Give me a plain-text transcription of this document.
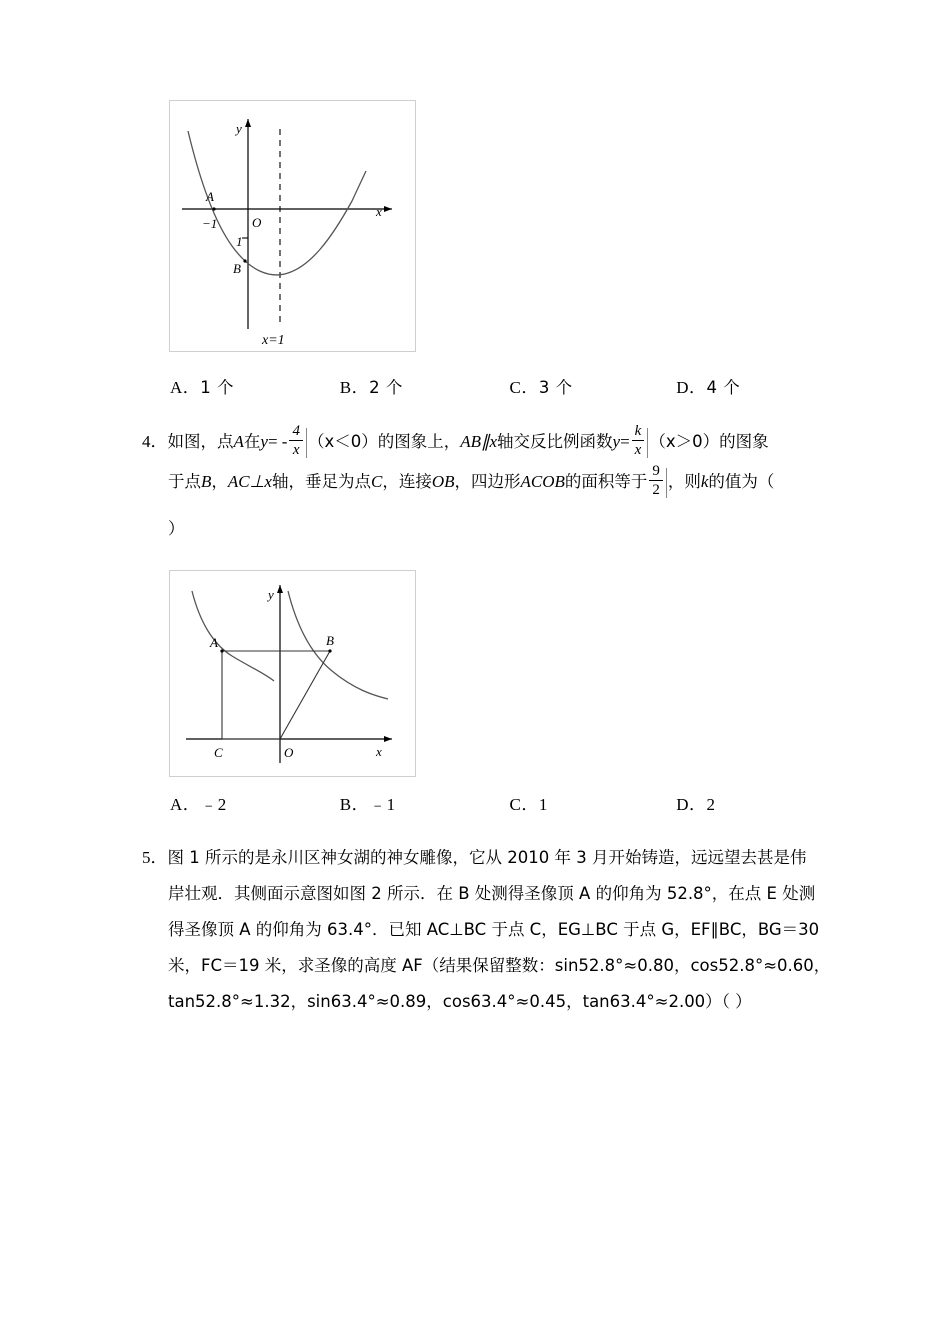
A
−1	O
1
B
x
y
x=1
A．1 个	B．2 个	C．3 个	D．4 个
4．如图，点A在$y= - \frac{4}{x} (x<0)$的图象上，AB∥x轴交反比例函数$y= \frac{k}{x} (x>0)$的图象
于点B，AC⊥x轴，垂足为点C，连接OB，四边形ACOB的面积等于 $\frac{9}{2}$ ，则k的值为（
）
A	B
C	O	x
y
A．﹣2	B．﹣1	C．1	D．2
5．图 1 所示的是永川区神女湖的神女雕像，它从 2010 年 3 月开始铸造，远远望去甚是伟
岸壮观．其侧面示意图如图 2 所示．在 B 处测得圣像顶 A 的仰角为 52.8°，在点 E 处测
得圣像顶 A 的仰角为 63.4°．已知 AC⊥BC 于点 C，EG⊥BC 于点 G，EF∥BC，BG＝30
米，FC＝19 米，求圣像的高度 AF（结果保留整数：sin52.8°≈0.80，cos52.8°≈0.60，
tan52.8°≈1.32，sin63.4°≈0.89，cos63.4°≈0.45，tan63.4°≈2.00）（ ）
